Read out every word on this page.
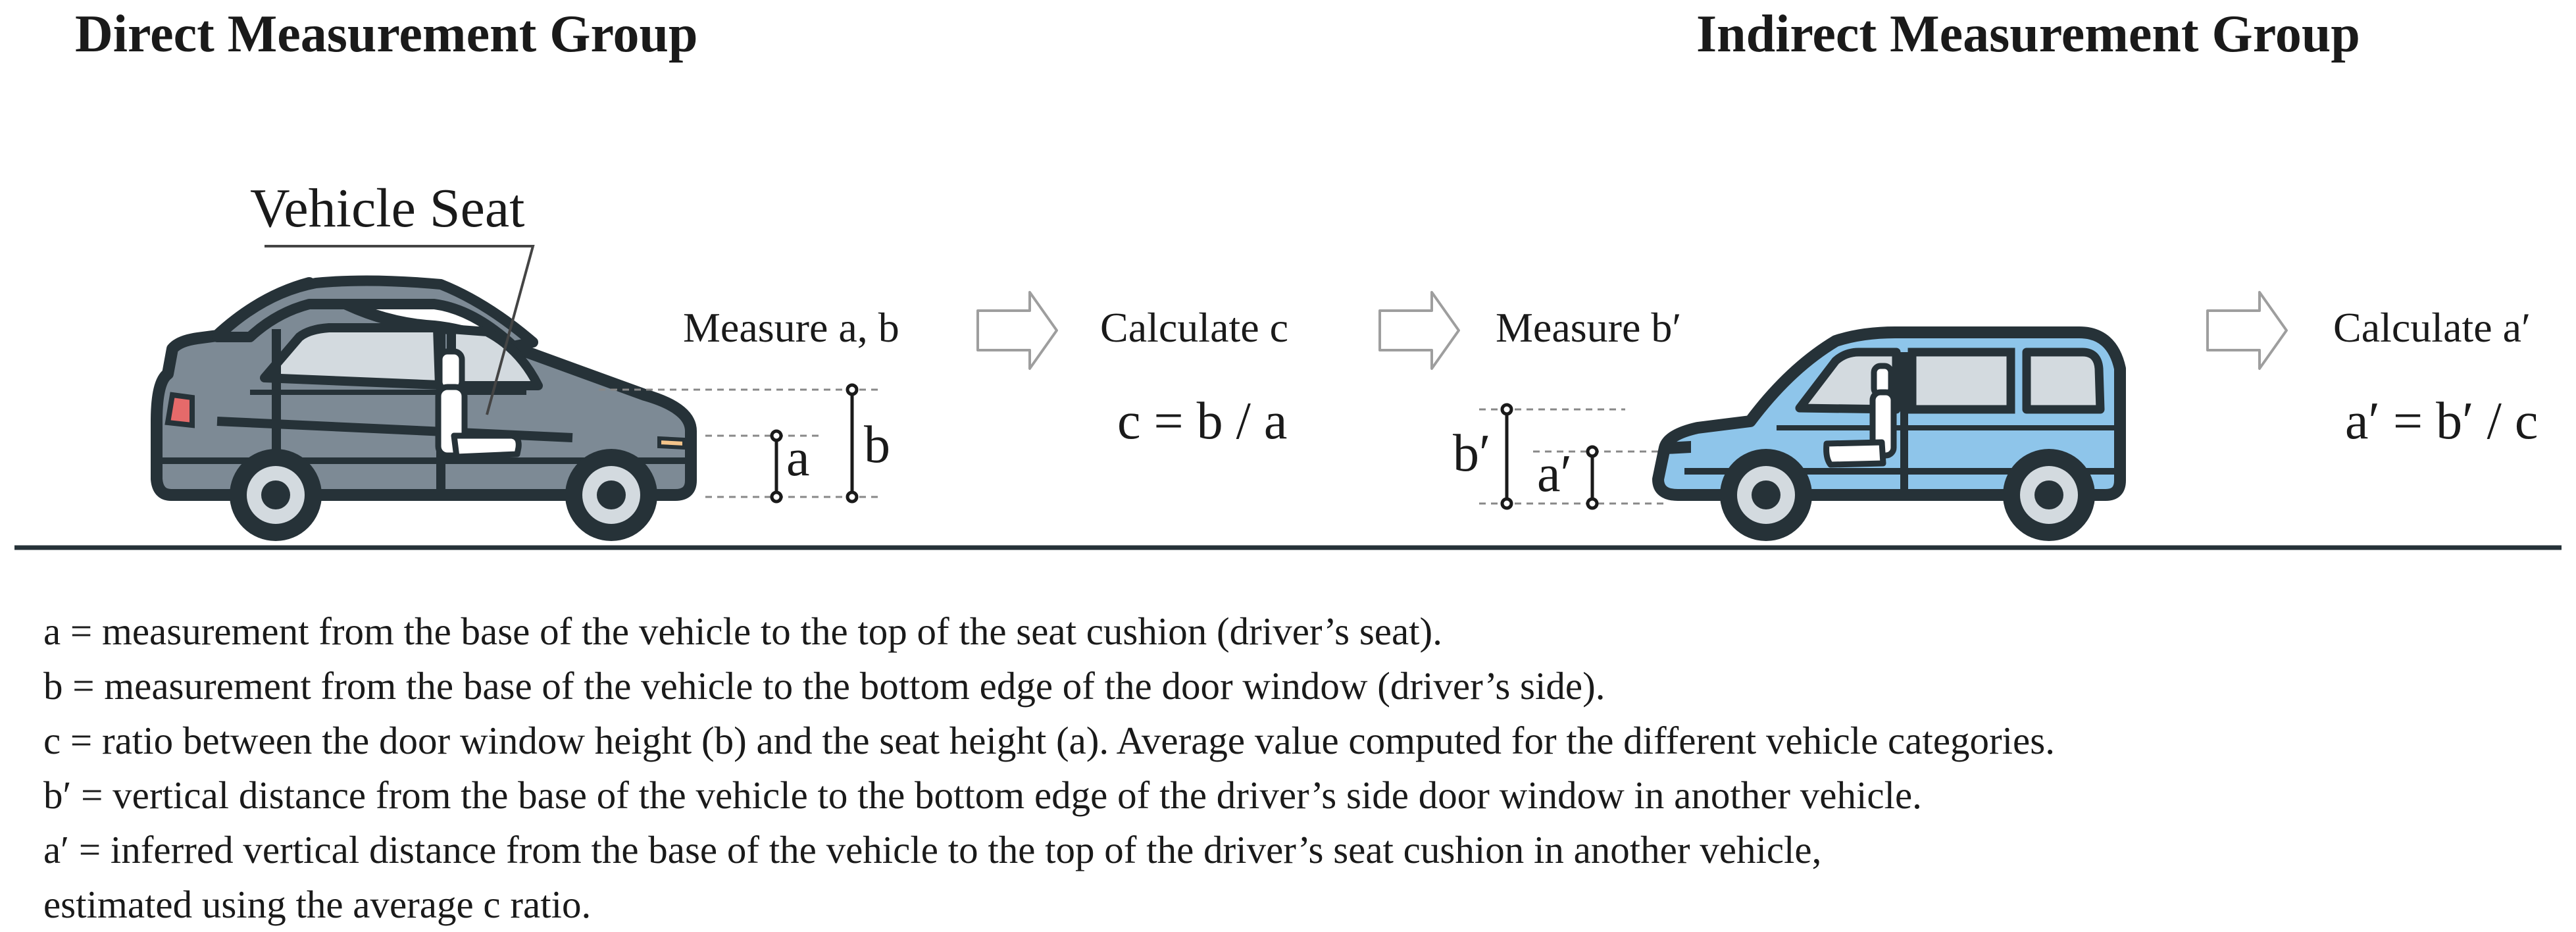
Direct Measurement Group	Indirect Measurement Group
Vehicle Seat
a b
Measure a, b	Calculate c	Measure b′	Calculate a′
c = b / a	a′ = b′ / c
b′ a′
a = measurement from the base of the vehicle to the top of the seat cushion (driver’s seat).
b = measurement from the base of the vehicle to the bottom edge of the door window (driver’s side).
c = ratio between the door window height (b) and the seat height (a). Average value computed for the different vehicle categories.
b′ = vertical distance from the base of the vehicle to the bottom edge of the driver’s side door window in another vehicle.
a′ = inferred vertical distance from the base of the vehicle to the top of the driver’s seat cushion in another vehicle,
estimated using the average c ratio.
